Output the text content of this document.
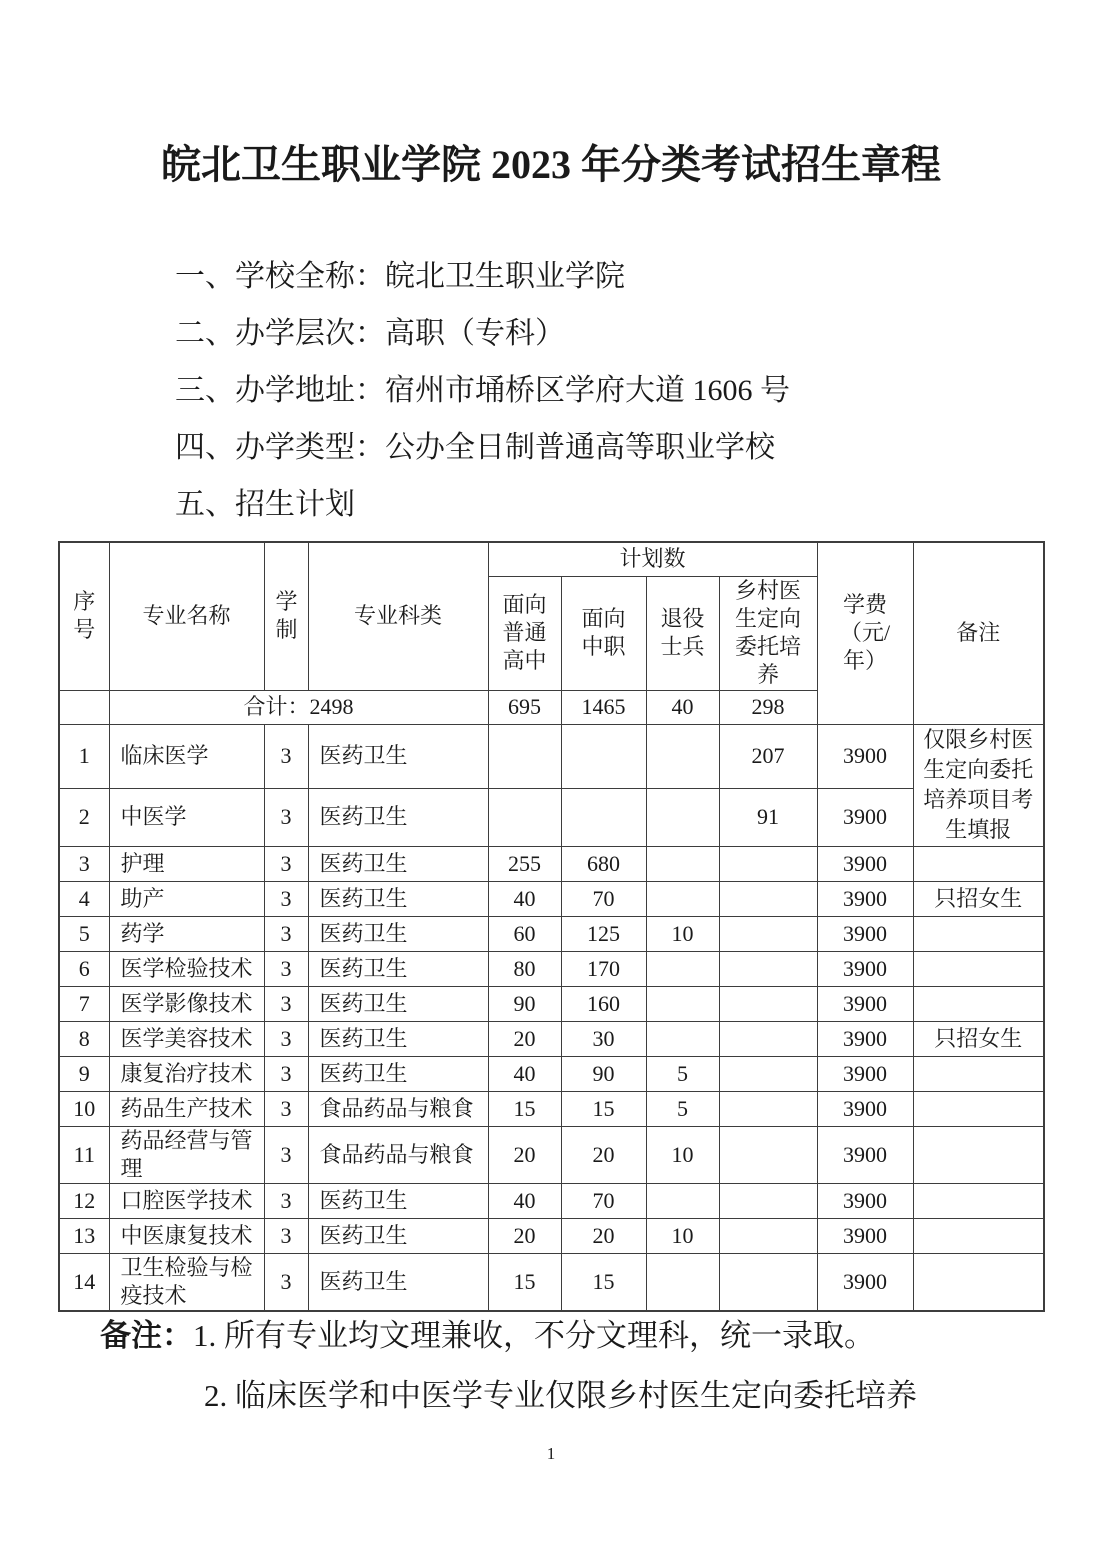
皖北卫生职业学院 2023 年分类考试招生章程
一、学校全称：皖北卫生职业学院
二、办学层次：高职（专科）
三、办学地址：宿州市埇桥区学府大道 1606 号
四、办学类型：公办全日制普通高等职业学校
五、招生计划
序号	专业名称	学制	专业科类	计划数				学费（元/年）	备注
				面向普通高中	面向中职	退役士兵	乡村医生定向委托培养		
	合计：2498			695	1465	40	298		
1	临床医学	3	医药卫生				207	3900	仅限乡村医生定向委托培养项目考生填报
2	中医学	3	医药卫生				91	3900	
3	护理	3	医药卫生	255	680			3900	
4	助产	3	医药卫生	40	70			3900	只招女生
5	药学	3	医药卫生	60	125	10		3900	
6	医学检验技术	3	医药卫生	80	170			3900	
7	医学影像技术	3	医药卫生	90	160			3900	
8	医学美容技术	3	医药卫生	20	30			3900	只招女生
9	康复治疗技术	3	医药卫生	40	90	5		3900	
10	药品生产技术	3	食品药品与粮食	15	15	5		3900	
11	药品经营与管理	3	食品药品与粮食	20	20	10		3900	
12	口腔医学技术	3	医药卫生	40	70			3900	
13	中医康复技术	3	医药卫生	20	20	10		3900	
14	卫生检验与检疫技术	3	医药卫生	15	15			3900	
备注：1. 所有专业均文理兼收，不分文理科，统一录取。
2. 临床医学和中医学专业仅限乡村医生定向委托培养
1
